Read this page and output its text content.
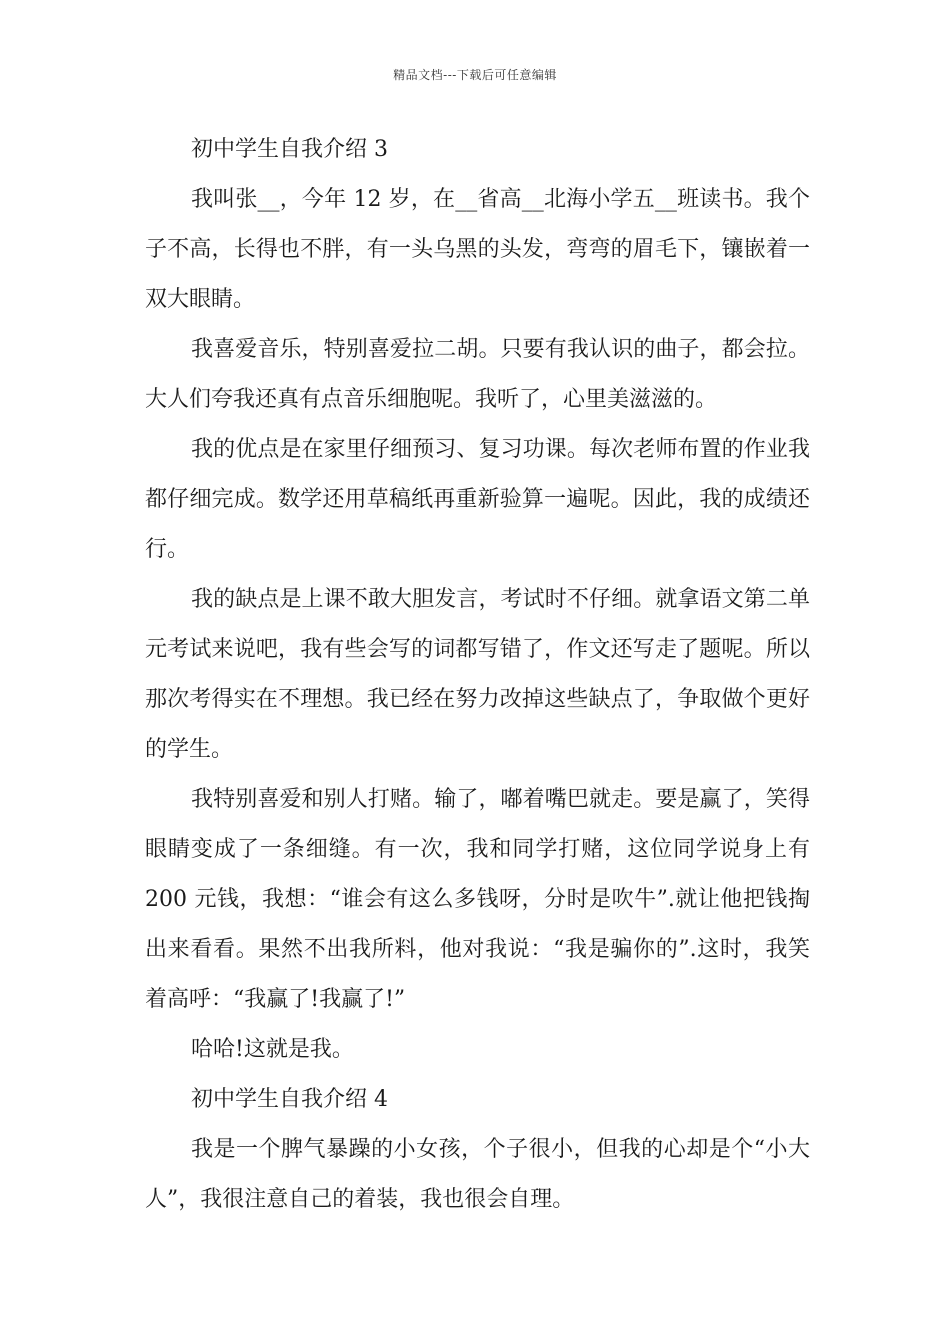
精品文档---下载后可任意编辑

初中学生自我介绍 3

我叫张__，今年 12 岁，在__省高__北海小学五__班读书。我个子不高，长得也不胖，有一头乌黑的头发，弯弯的眉毛下，镶嵌着一双大眼睛。

我喜爱音乐，特别喜爱拉二胡。只要有我认识的曲子，都会拉。大人们夸我还真有点音乐细胞呢。我听了，心里美滋滋的。

我的优点是在家里仔细预习、复习功课。每次老师布置的作业我都仔细完成。数学还用草稿纸再重新验算一遍呢。因此，我的成绩还行。

我的缺点是上课不敢大胆发言，考试时不仔细。就拿语文第二单元考试来说吧，我有些会写的词都写错了，作文还写走了题呢。所以那次考得实在不理想。我已经在努力改掉这些缺点了，争取做个更好的学生。

我特别喜爱和别人打赌。输了，嘟着嘴巴就走。要是赢了，笑得眼睛变成了一条细缝。有一次，我和同学打赌，这位同学说身上有 200 元钱，我想：“谁会有这么多钱呀，分时是吹牛”.就让他把钱掏出来看看。果然不出我所料，他对我说：“我是骗你的”.这时，我笑着高呼：“我赢了!我赢了!”

哈哈!这就是我。

初中学生自我介绍 4

我是一个脾气暴躁的小女孩，个子很小，但我的心却是个“小大人”，我很注意自己的着装，我也很会自理。
